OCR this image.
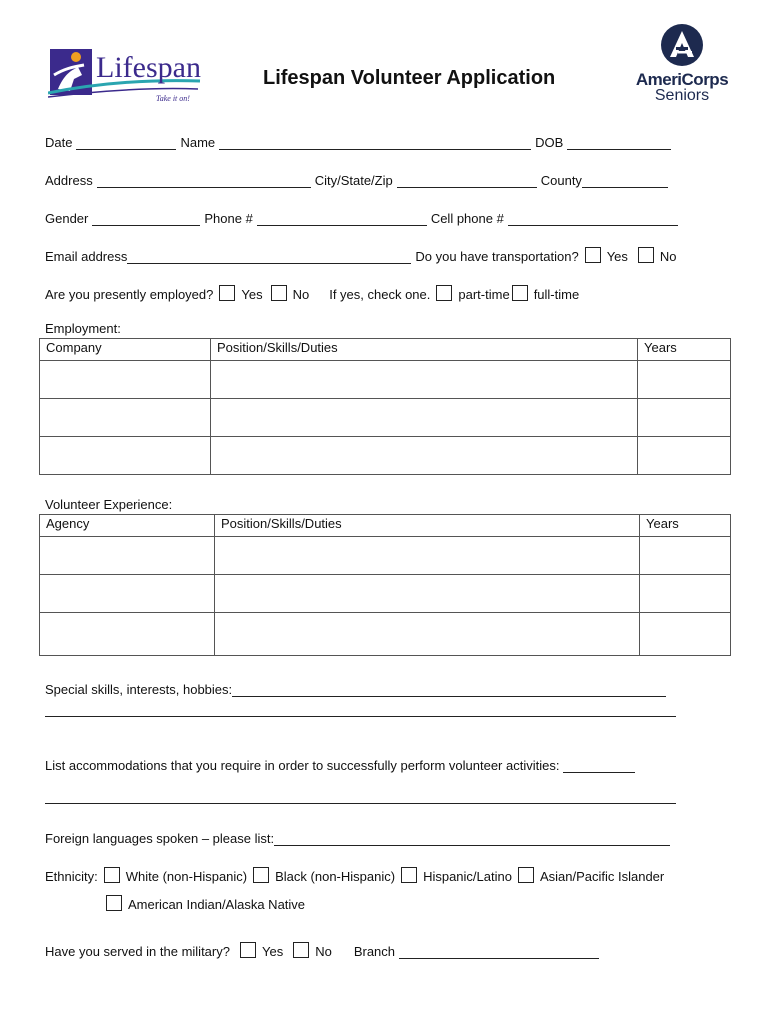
Lifespan
Take it on!
Lifespan Volunteer Application	AmeriCorps
Seniors
Date	Name	DOB
Address	City/State/Zip	County
Gender	Phone #	Cell phone #
Email address	Do you have transportation? Yes No
Are you presently employed? Yes No If yes, check one. part-time full-time
Employment:
Company	Position/Skills/Duties	Years

Volunteer Experience:
Agency	Position/Skills/Duties	Years

Special skills, interests, hobbies:
List accommodations that you require in order to successfully perform volunteer activities:
Foreign languages spoken – please list:
Ethnicity: White (non-Hispanic) Black (non-Hispanic) Hispanic/Latino Asian/Pacific Islander
American Indian/Alaska Native
Have you served in the military? Yes No Branch
